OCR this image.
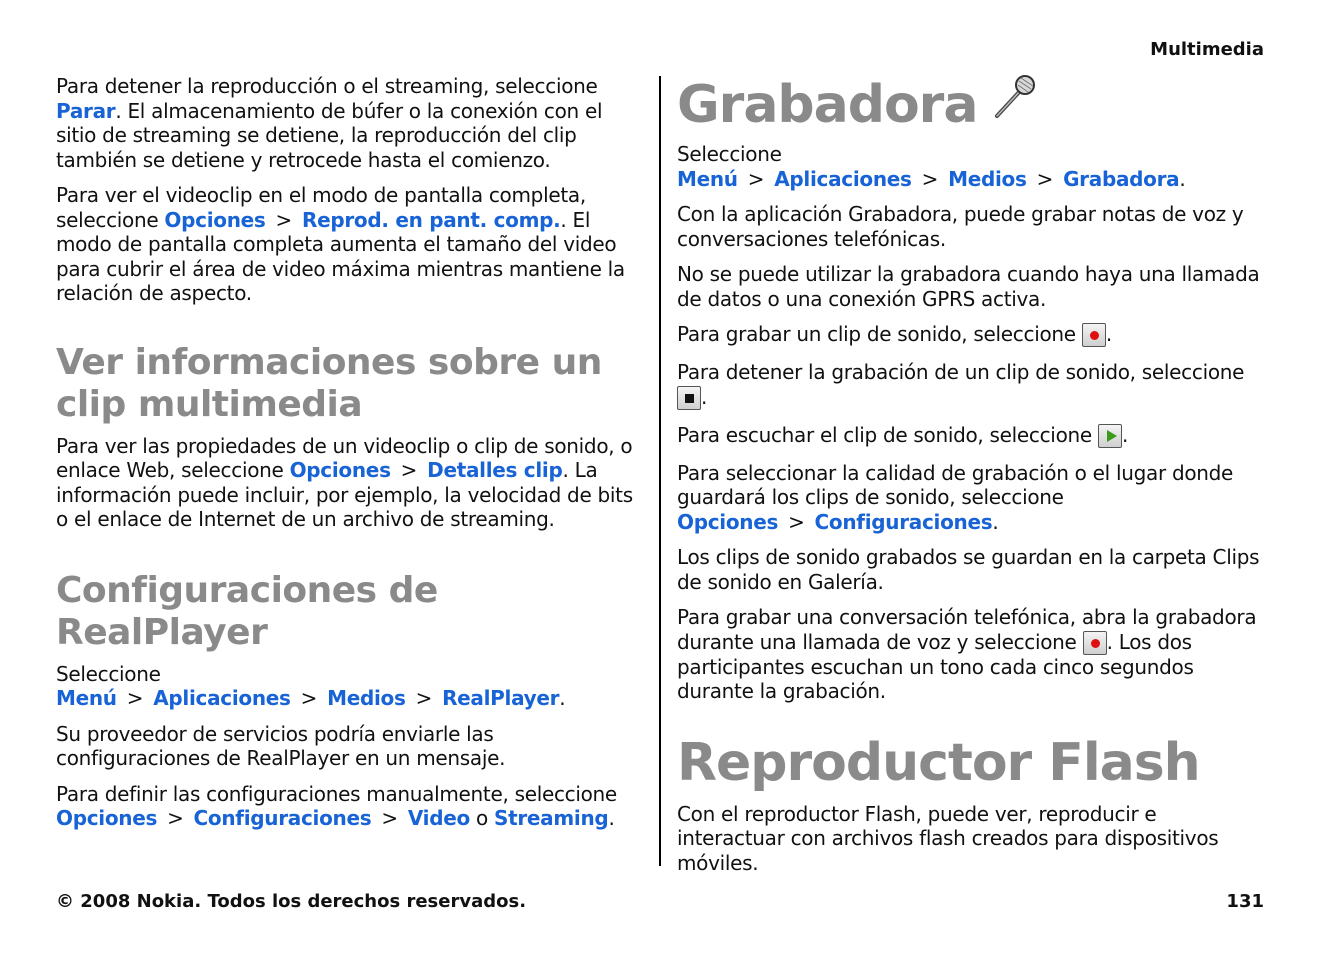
Multimedia

Para detener la reproducción o el streaming, seleccione Parar. El almacenamiento de búfer o la conexión con el sitio de streaming se detiene, la reproducción del clip también se detiene y retrocede hasta el comienzo.

Para ver el videoclip en el modo de pantalla completa, seleccione Opciones > Reprod. en pant. comp.. El modo de pantalla completa aumenta el tamaño del video para cubrir el área de video máxima mientras mantiene la relación de aspecto.

Ver informaciones sobre un clip multimedia

Para ver las propiedades de un videoclip o clip de sonido, o enlace Web, seleccione Opciones > Detalles clip. La información puede incluir, por ejemplo, la velocidad de bits o el enlace de Internet de un archivo de streaming.

Configuraciones de RealPlayer

Seleccione Menú > Aplicaciones > Medios > RealPlayer.

Su proveedor de servicios podría enviarle las configuraciones de RealPlayer en un mensaje.

Para definir las configuraciones manualmente, seleccione Opciones > Configuraciones > Video o Streaming.

Grabadora

Seleccione Menú > Aplicaciones > Medios > Grabadora.

Con la aplicación Grabadora, puede grabar notas de voz y conversaciones telefónicas.

No se puede utilizar la grabadora cuando haya una llamada de datos o una conexión GPRS activa.

Para grabar un clip de sonido, seleccione .

Para detener la grabación de un clip de sonido, seleccione .

Para escuchar el clip de sonido, seleccione .

Para seleccionar la calidad de grabación o el lugar donde guardará los clips de sonido, seleccione Opciones > Configuraciones.

Los clips de sonido grabados se guardan en la carpeta Clips de sonido en Galería.

Para grabar una conversación telefónica, abra la grabadora durante una llamada de voz y seleccione . Los dos participantes escuchan un tono cada cinco segundos durante la grabación.

Reproductor Flash

Con el reproductor Flash, puede ver, reproducir e interactuar con archivos flash creados para dispositivos móviles.

© 2008 Nokia. Todos los derechos reservados.	131
